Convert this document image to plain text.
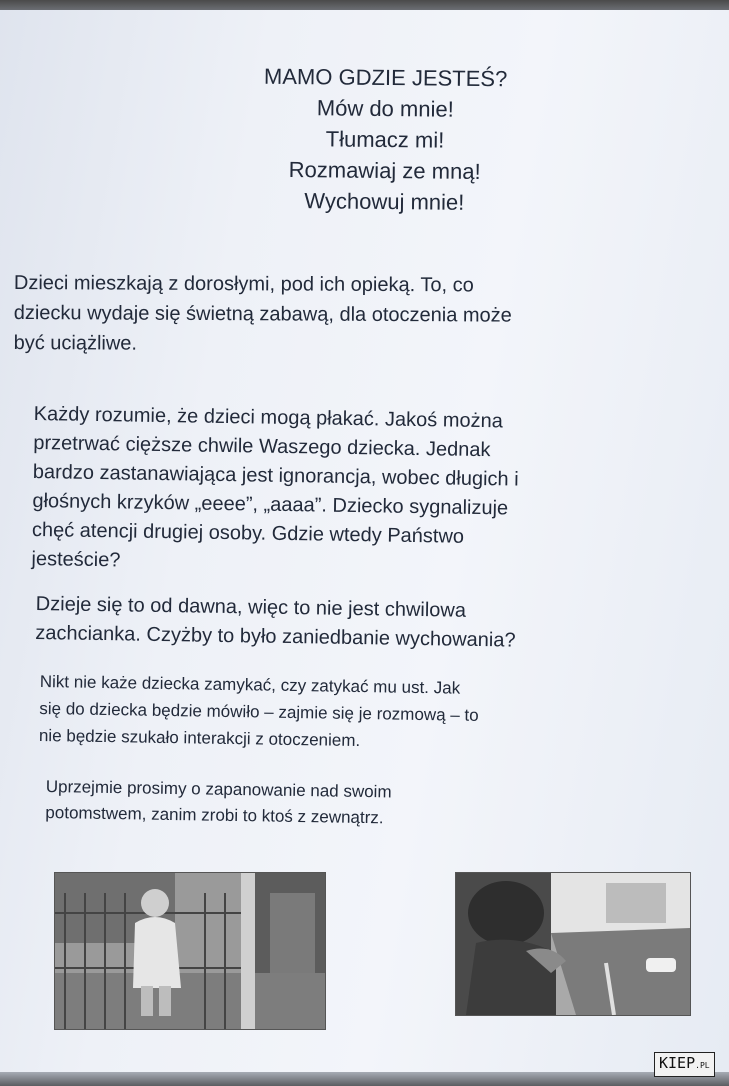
MAMO GDZIE JESTEŚ?
Mów do mnie!
Tłumacz mi!
Rozmawiaj ze mną!
Wychowuj mnie!
Dzieci mieszkają z dorosłymi, pod ich opieką. To, co
dziecku wydaje się świetną zabawą, dla otoczenia może
być uciążliwe.
Każdy rozumie, że dzieci mogą płakać. Jakoś można
przetrwać cięższe chwile Waszego dziecka. Jednak
bardzo zastanawiająca jest ignorancja, wobec długich i
głośnych krzyków „eeee”, „aaaa”. Dziecko sygnalizuje
chęć atencji drugiej osoby. Gdzie wtedy Państwo
jesteście?
Dzieje się to od dawna, więc to nie jest chwilowa
zachcianka. Czyżby to było zaniedbanie wychowania?
Nikt nie każe dziecka zamykać, czy zatykać mu ust. Jak
się do dziecka będzie mówiło – zajmie się je rozmową – to
nie będzie szukało interakcji z otoczeniem.
Uprzejmie prosimy o zapanowanie nad swoim
potomstwem, zanim zrobi to ktoś z zewnątrz.
KIEP.PL
